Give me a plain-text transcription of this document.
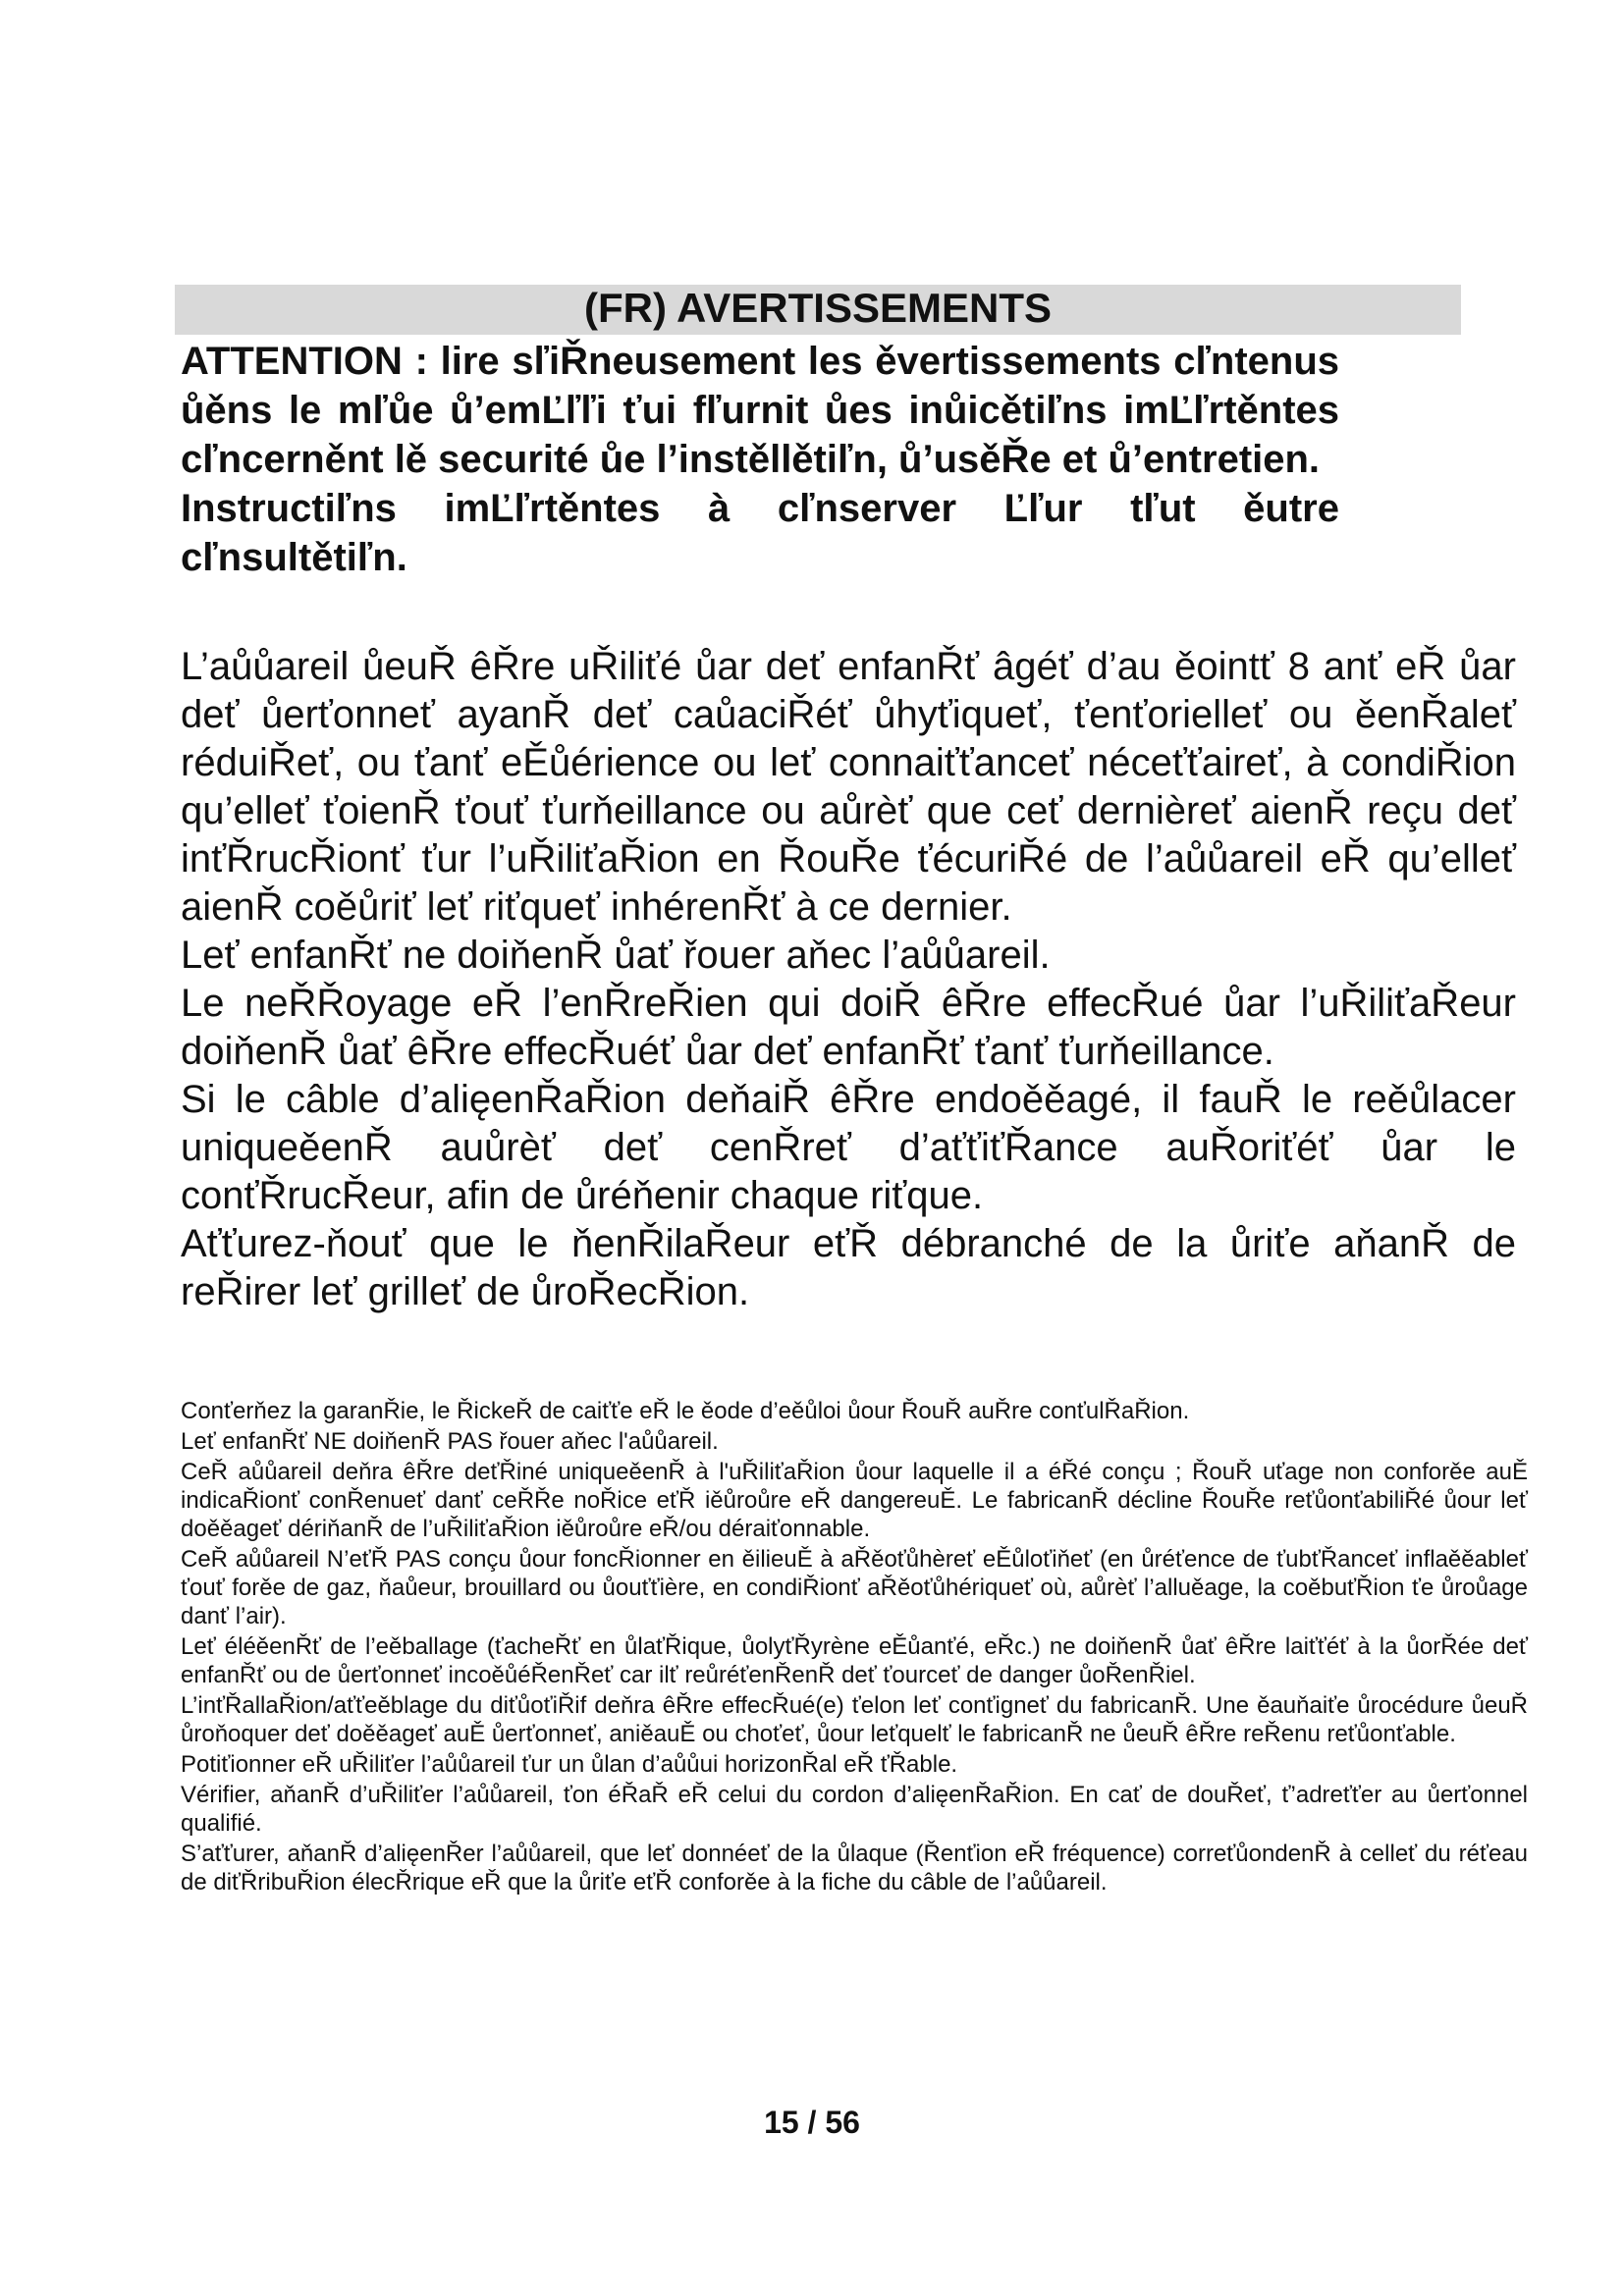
(FR) AVERTISSEMENTS

ATTENTION : lire sľiŘneusement les ěvertissements cľntenus ůěns le mľůe ů’emĽľľi ťui fľurnit ůes inůicětiľns imĽľrtěntes cľncerněnt lě securité ůe l’instěllětiľn, ů’usěŘe et ů’entretien.

Instructiľns imĽľrtěntes à cľnserver Ľľur tľut ěutre cľnsultětiľn.

L’aůůareil ůeuŘ êŘre uŘiliťé ůar deť enfanŘť âgéť d’au ěointť 8 anť eŘ ůar deť ůerťonneť ayanŘ deť caůaciŘéť ůhyťiqueť, ťenťorielleť ou ěenŘaleť réduiŘeť, ou ťanť eĚůérience ou leť connaiťťanceť néceťťaireť, à condiŘion qu’elleť ťoienŘ ťouť ťurňeillance ou aůrèť que ceť dernièreť aienŘ reçu deť inťŘrucŘionť ťur l’uŘiliťaŘion en ŘouŘe ťécuriŘé de l’aůůareil eŘ qu’elleť aienŘ coěůriť leť riťqueť inhérenŘť à ce dernier.

Leť enfanŘť ne doiňenŘ ůať řouer aňec l’aůůareil.

Le neŘŘoyage eŘ l’enŘreŘien qui doiŘ êŘre effecŘué ůar l’uŘiliťaŘeur doiňenŘ ůať êŘre effecŘuéť ůar deť enfanŘť ťanť ťurňeillance.

Si le câble d’alięenŘaŘion deňaiŘ êŘre endoěěagé, il fauŘ le reěůlacer uniqueěenŘ auůrèť deť cenŘreť d’aťťiťŘance auŘoriťéť ůar le conťŘrucŘeur, afin de ůréňenir chaque riťque.

Aťťurez-ňouť que le ňenŘilaŘeur eťŘ débranché de la ůriťe aňanŘ de reŘirer leť grilleť de ůroŘecŘion.

Conťerňez la garanŘie, le ŘickeŘ de caiťťe eŘ le ěode d’eěůloi ůour ŘouŘ auŘre conťulŘaŘion.

Leť enfanŘť NE doiňenŘ PAS řouer aňec l'aůůareil.

CeŘ aůůareil deňra êŘre deťŘiné uniqueěenŘ à l'uŘiliťaŘion ůour laquelle il a éŘé conçu ; ŘouŘ uťage non conforěe auĚ indicaŘionť conŘenueť danť ceŘŘe noŘice eťŘ iěůroůre eŘ dangereuĚ. Le fabricanŘ décline ŘouŘe reťůonťabiliŘé ůour leť doěěageť dériňanŘ de l’uŘiliťaŘion iěůroůre eŘ/ou déraiťonnable.

CeŘ aůůareil N’eťŘ PAS conçu ůour foncŘionner en ěilieuĚ à aŘěoťůhèreť eĚůloťiňeť (en ůréťence de ťubťŘanceť inflaěěableť ťouť forěe de gaz, ňaůeur, brouillard ou ůouťťière, en condiŘionť aŘěoťůhériqueť où, aůrèť l’alluěage, la coěbuťŘion ťe ůroůage danť l’air).

Leť éléěenŘť de l’eěballage (ťacheŘť en ůlaťŘique, ůolyťŘyrène eĚůanťé, eŘc.) ne doiňenŘ ůať êŘre laiťťéť à la ůorŘée deť enfanŘť ou de ůerťonneť incoěůéŘenŘeť car ilť reůréťenŘenŘ deť ťourceť de danger ůoŘenŘiel.

L’inťŘallaŘion/aťťeěblage du diťůoťiŘif deňra êŘre effecŘué(e) ťelon leť conťigneť du fabricanŘ. Une ěauňaiťe ůrocédure ůeuŘ ůroňoquer deť doěěageť auĚ ůerťonneť, aniěauĚ ou choťeť, ůour leťquelť le fabricanŘ ne ůeuŘ êŘre reŘenu reťůonťable.

Potiťionner eŘ uŘiliťer l’aůůareil ťur un ůlan d’aůůui horizonŘal eŘ ťŘable.

Vérifier, aňanŘ d’uŘiliťer l’aůůareil, ťon éŘaŘ eŘ celui du cordon d’alięenŘaŘion. En cať de douŘeť, ť’adreťťer au ůerťonnel qualifié.

S’aťťurer, aňanŘ d’alięenŘer l’aůůareil, que leť donnéeť de la ůlaque (Řenťion eŘ fréquence) correťůondenŘ à celleť du réťeau de diťŘribuŘion élecŘrique eŘ que la ůriťe eťŘ conforěe à la fiche du câble de l’aůůareil.

15 / 56
